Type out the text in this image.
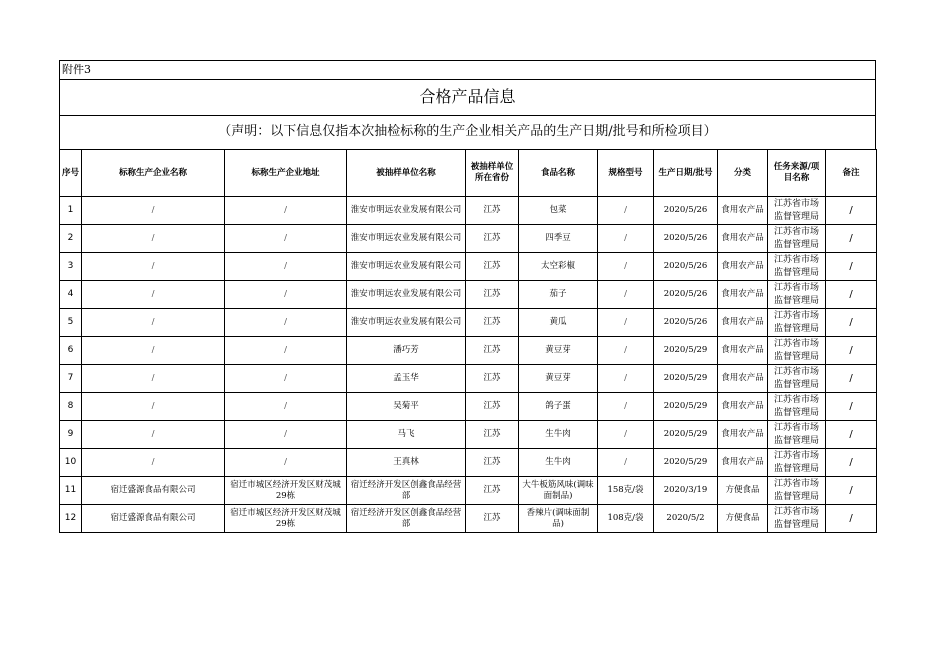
附件3
合格产品信息
（声明：以下信息仅指本次抽检标称的生产企业相关产品的生产日期/批号和所检项目）
序号	标称生产企业名称	标称生产企业地址	被抽样单位名称	被抽样单位所在省份	食品名称	规格型号	生产日期/批号	分类	任务来源/项目名称	备注
1	/	/	淮安市明远农业发展有限公司	江苏	包菜	/	2020/5/26	食用农产品	江苏省市场监督管理局	/
2	/	/	淮安市明远农业发展有限公司	江苏	四季豆	/	2020/5/26	食用农产品	江苏省市场监督管理局	/
3	/	/	淮安市明远农业发展有限公司	江苏	太空彩椒	/	2020/5/26	食用农产品	江苏省市场监督管理局	/
4	/	/	淮安市明远农业发展有限公司	江苏	茄子	/	2020/5/26	食用农产品	江苏省市场监督管理局	/
5	/	/	淮安市明远农业发展有限公司	江苏	黄瓜	/	2020/5/26	食用农产品	江苏省市场监督管理局	/
6	/	/	潘巧芳	江苏	黄豆芽	/	2020/5/29	食用农产品	江苏省市场监督管理局	/
7	/	/	孟玉华	江苏	黄豆芽	/	2020/5/29	食用农产品	江苏省市场监督管理局	/
8	/	/	吴菊平	江苏	鸽子蛋	/	2020/5/29	食用农产品	江苏省市场监督管理局	/
9	/	/	马飞	江苏	生牛肉	/	2020/5/29	食用农产品	江苏省市场监督管理局	/
10	/	/	王真林	江苏	生牛肉	/	2020/5/29	食用农产品	江苏省市场监督管理局	/
11	宿迁盛源食品有限公司	宿迁市城区经济开发区财茂城29栋	宿迁经济开发区创鑫食品经营部	江苏	大牛板筋风味(调味面制品)	158克/袋	2020/3/19	方便食品	江苏省市场监督管理局	/
12	宿迁盛源食品有限公司	宿迁市城区经济开发区财茂城29栋	宿迁经济开发区创鑫食品经营部	江苏	香辣片(调味面制品)	108克/袋	2020/5/2	方便食品	江苏省市场监督管理局	/
